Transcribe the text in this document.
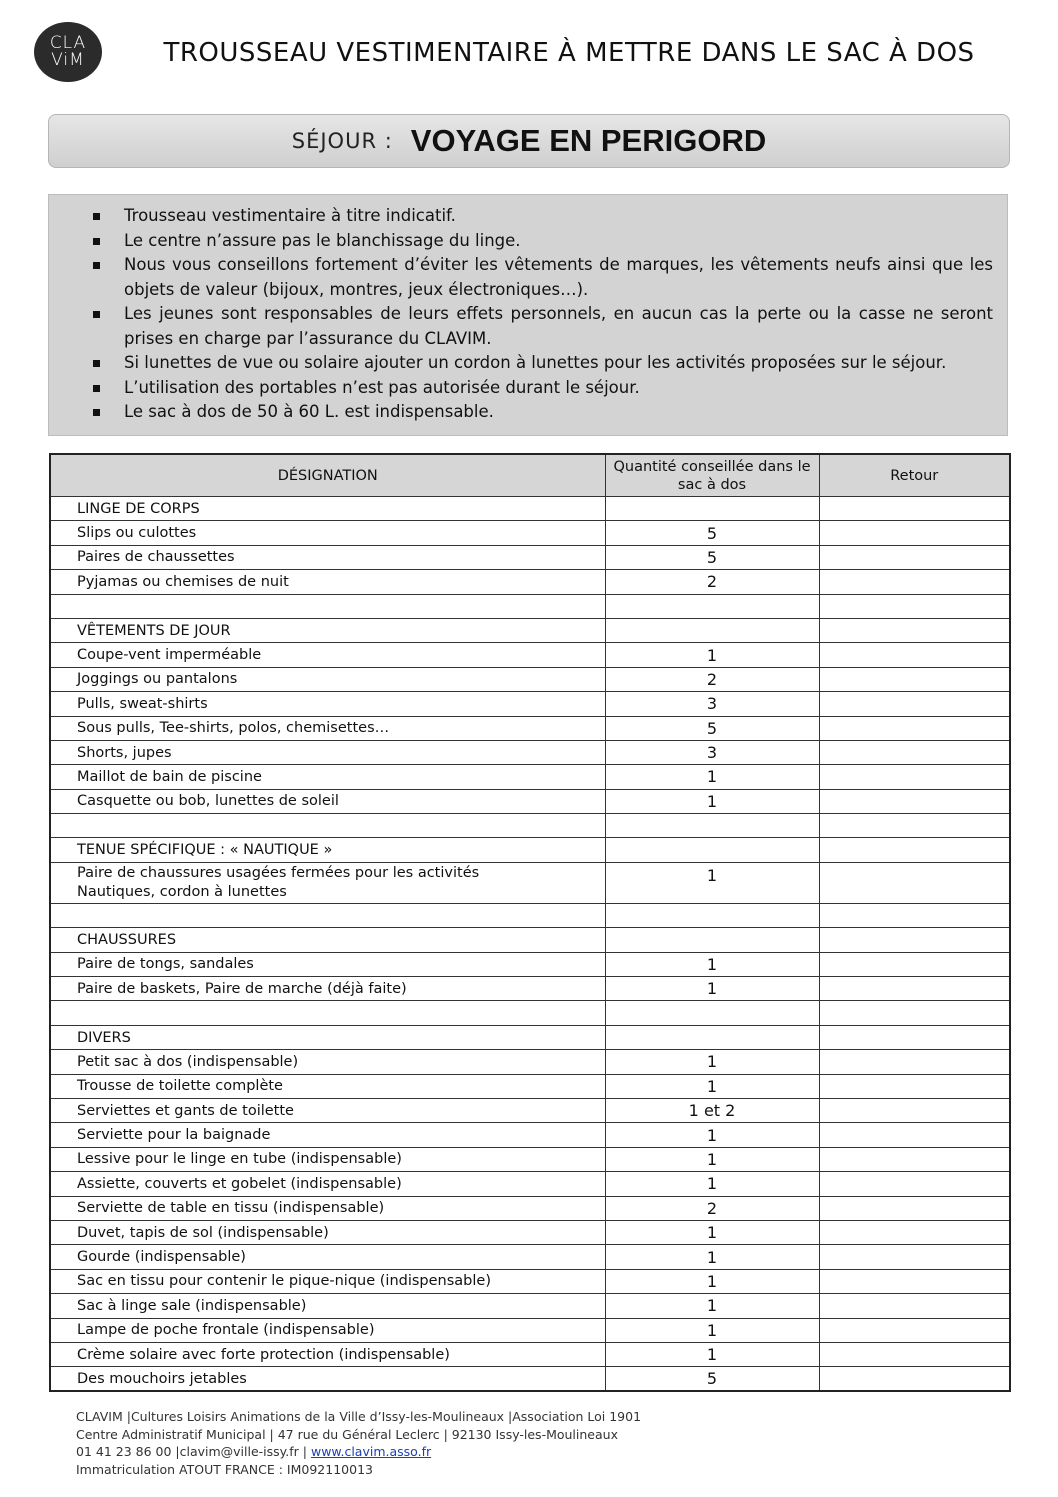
CLA
ViM	TROUSSEAU VESTIMENTAIRE À METTRE DANS LE SAC À DOS
SÉJOUR : VOYAGE EN PERIGORD
Trousseau vestimentaire à titre indicatif.
Le centre n’assure pas le blanchissage du linge.
Nous vous conseillons fortement d’éviter les vêtements de marques, les vêtements neufs ainsi que les objets de valeur (bijoux, montres, jeux électroniques…).
Les jeunes sont responsables de leurs effets personnels, en aucun cas la perte ou la casse ne seront prises en charge par l’assurance du CLAVIM.
Si lunettes de vue ou solaire ajouter un cordon à lunettes pour les activités proposées sur le séjour.
L’utilisation des portables n’est pas autorisée durant le séjour.
Le sac à dos de 50 à 60 L. est indispensable.
DÉSIGNATION	Quantité conseillée dans le sac à dos	Retour
LINGE DE CORPS		
Slips ou culottes	5	
Paires de chaussettes	5	
Pyjamas ou chemises de nuit	2	

VÊTEMENTS DE JOUR		
Coupe-vent imperméable	1	
Joggings ou pantalons	2	
Pulls, sweat-shirts	3	
Sous pulls, Tee-shirts, polos, chemisettes…	5	
Shorts, jupes	3	
Maillot de bain de piscine	1	
Casquette ou bob, lunettes de soleil	1	

TENUE SPÉCIFIQUE : « NAUTIQUE »		
Paire de chaussures usagées fermées pour les activités
Nautiques, cordon à lunettes	1	

CHAUSSURES		
Paire de tongs, sandales	1	
Paire de baskets, Paire de marche (déjà faite)	1	

DIVERS		
Petit sac à dos (indispensable)	1	
Trousse de toilette complète	1	
Serviettes et gants de toilette	1 et 2	
Serviette pour la baignade	1	
Lessive pour le linge en tube (indispensable)	1	
Assiette, couverts et gobelet (indispensable)	1	
Serviette de table en tissu (indispensable)	2	
Duvet, tapis de sol (indispensable)	1	
Gourde (indispensable)	1	
Sac en tissu pour contenir le pique-nique (indispensable)	1	
Sac à linge sale (indispensable)	1	
Lampe de poche frontale (indispensable)	1	
Crème solaire avec forte protection (indispensable)	1	
Des mouchoirs jetables	5	
CLAVIM |Cultures Loisirs Animations de la Ville d’Issy-les-Moulineaux |Association Loi 1901
Centre Administratif Municipal | 47 rue du Général Leclerc | 92130 Issy-les-Moulineaux
01 41 23 86 00 |clavim@ville-issy.fr | www.clavim.asso.fr
Immatriculation ATOUT FRANCE : IM092110013
